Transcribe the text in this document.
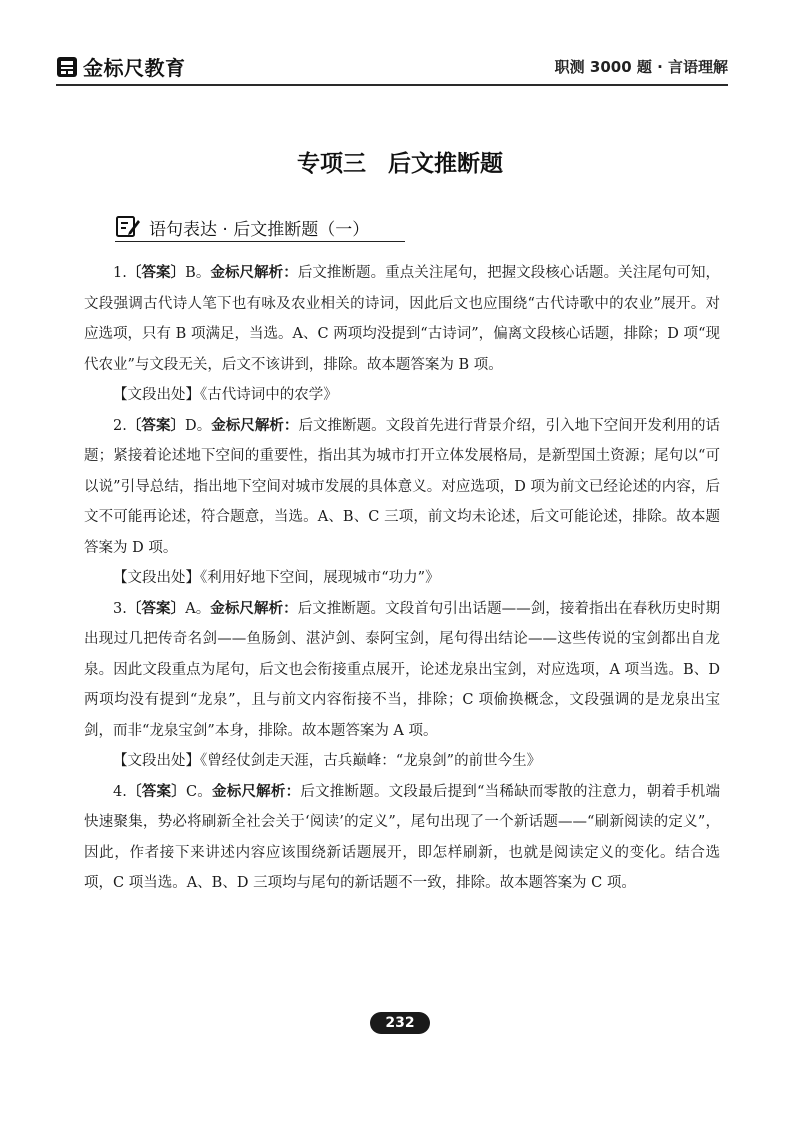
金标尺教育	职测 3000 题 · 言语理解
专项三 后文推断题
语句表达 · 后文推断题（一）

1.〔答案〕B。金标尺解析：后文推断题。重点关注尾句，把握文段核心话题。关注尾句可知，文段强调古代诗人笔下也有咏及农业相关的诗词，因此后文也应围绕“古代诗歌中的农业”展开。对应选项，只有 B 项满足，当选。A、C 两项均没提到“古诗词”，偏离文段核心话题，排除；D 项“现代农业”与文段无关，后文不该讲到，排除。故本题答案为 B 项。

【文段出处】《古代诗词中的农学》

2.〔答案〕D。金标尺解析：后文推断题。文段首先进行背景介绍，引入地下空间开发利用的话题；紧接着论述地下空间的重要性，指出其为城市打开立体发展格局，是新型国土资源；尾句以“可以说”引导总结，指出地下空间对城市发展的具体意义。对应选项，D 项为前文已经论述的内容，后文不可能再论述，符合题意，当选。A、B、C 三项，前文均未论述，后文可能论述，排除。故本题答案为 D 项。

【文段出处】《利用好地下空间，展现城市“功力”》

3.〔答案〕A。金标尺解析：后文推断题。文段首句引出话题——剑，接着指出在春秋历史时期出现过几把传奇名剑——鱼肠剑、湛泸剑、泰阿宝剑，尾句得出结论——这些传说的宝剑都出自龙泉。因此文段重点为尾句，后文也会衔接重点展开，论述龙泉出宝剑，对应选项，A 项当选。B、D 两项均没有提到“龙泉”，且与前文内容衔接不当，排除；C 项偷换概念，文段强调的是龙泉出宝剑，而非“龙泉宝剑”本身，排除。故本题答案为 A 项。

【文段出处】《曾经仗剑走天涯，古兵巅峰：“龙泉剑”的前世今生》

4.〔答案〕C。金标尺解析：后文推断题。文段最后提到“当稀缺而零散的注意力，朝着手机端快速聚集，势必将刷新全社会关于‘阅读’的定义”，尾句出现了一个新话题——“刷新阅读的定义”，因此，作者接下来讲述内容应该围绕新话题展开，即怎样刷新，也就是阅读定义的变化。结合选项，C 项当选。A、B、D 三项均与尾句的新话题不一致，排除。故本题答案为 C 项。

232
